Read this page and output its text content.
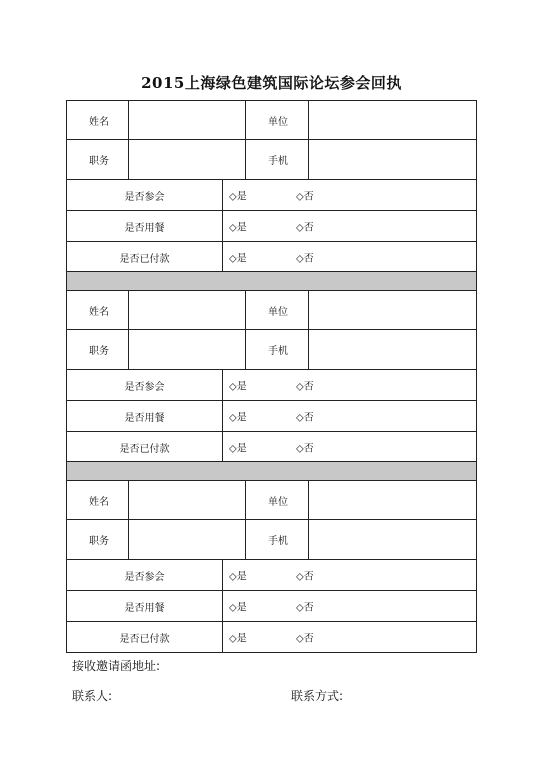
2015上海绿色建筑国际论坛参会回执
姓名	单位
职务	手机
是否参会	◇是	◇否
是否用餐	◇是	◇否
是否已付款	◇是	◇否
姓名	单位
职务	手机
是否参会	◇是	◇否
是否用餐	◇是	◇否
是否已付款	◇是	◇否
姓名	单位
职务	手机
是否参会	◇是	◇否
是否用餐	◇是	◇否
是否已付款	◇是	◇否
接收邀请函地址:
联系人:	联系方式:
